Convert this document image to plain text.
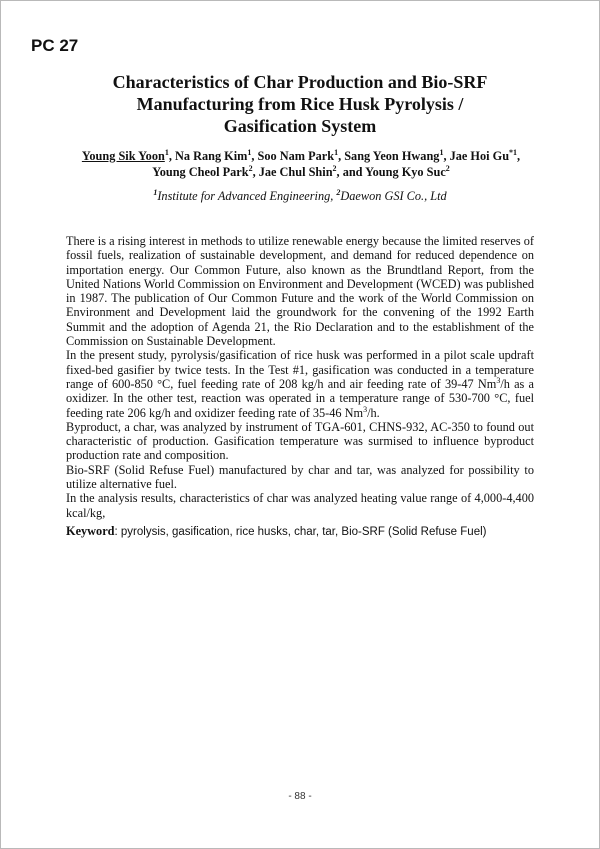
PC 27
Characteristics of Char Production and Bio-SRF
Manufacturing from Rice Husk Pyrolysis /
Gasification System
Young Sik Yoon$^1$, Na Rang Kim$^1$, Soo Nam Park$^1$, Sang Yeon Hwang$^1$, Jae Hoi Gu$^{*1}$, Young Cheol Park$^2$, Jae Chul Shin$^2$, and Young Kyo Suc$^2$
$^1$Institute for Advanced Engineering, $^2$Daewon GSI Co., Ltd

There is a rising interest in methods to utilize renewable energy because the limited reserves of fossil fuels, realization of sustainable development, and demand for reduced dependence on importation energy. Our Common Future, also known as the Brundtland Report, from the United Nations World Commission on Environment and Development (WCED) was published in 1987. The publication of Our Common Future and the work of the World Commission on Environment and Development laid the groundwork for the convening of the 1992 Earth Summit and the adoption of Agenda 21, the Rio Declaration and to the establishment of the Commission on Sustainable Development.

In the present study, pyrolysis/gasification of rice husk was performed in a pilot scale updraft fixed-bed gasifier by twice tests. In the Test #1, gasification was conducted in a temperature range of 600-850 °C, fuel feeding rate of 208 kg/h and air feeding rate of 39-47 Nm$^3$/h as a oxidizer. In the other test, reaction was operated in a temperature range of 530-700 °C, fuel feeding rate 206 kg/h and oxidizer feeding rate of 35-46 Nm$^3$/h.

Byproduct, a char, was analyzed by instrument of TGA-601, CHNS-932, AC-350 to found out characteristic of production. Gasification temperature was surmised to influence byproduct production rate and composition.

Bio-SRF (Solid Refuse Fuel) manufactured by char and tar, was analyzed for possibility to utilize alternative fuel.

In the analysis results, characteristics of char was analyzed heating value range of 4,000-4,400 kcal/kg,

Keyword: pyrolysis, gasification, rice husks, char, tar, Bio-SRF (Solid Refuse Fuel)
- 88 -
